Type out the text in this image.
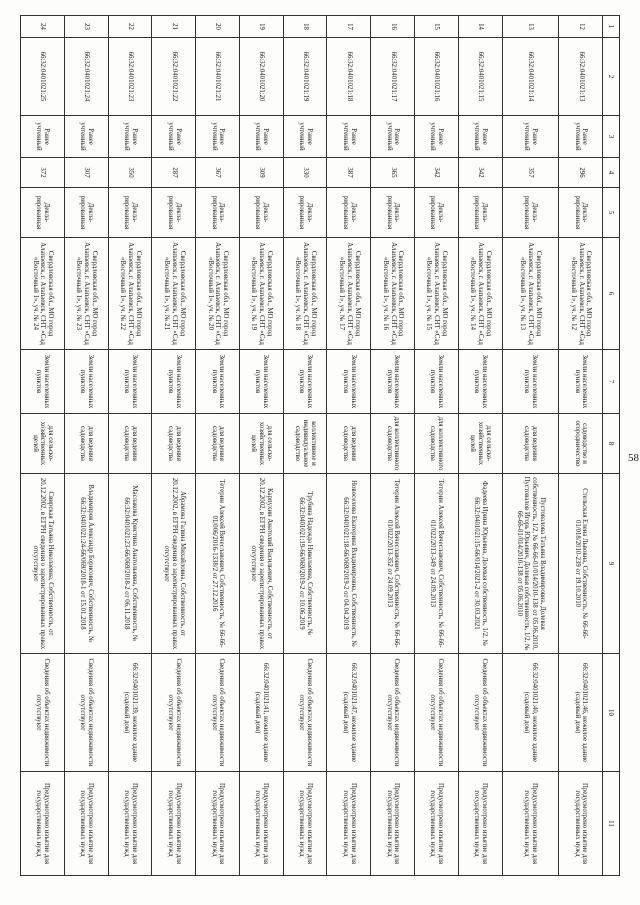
58
1	2	3	4	5	6	7	8	9	10	11
12	66:32:0401021:13	Ранее учтенный	296	Декла-рированная	Свердловская обл., МО город Алапаевск, г. Алапаевск, СНТ «Сад «Восточный 1», уч. № 12	Земли населенных пунктов	садоводство и огородничество	Стельская Елена Львовна, Собственность, № 66-66-01/018/2010-239 от 19.10.2010	66:32:0401021:46, нежилое здание (садовый дом)	Предусмотрено изъятие для государственных нужд
13	66:32:0401021:14	Ранее учтенный	357	Декла-рированная	Свердловская обл., МО город Алапаевск, г. Алапаевск, СНТ «Сад «Восточный 1», уч. № 13	Земли населенных пунктов	для ведения садоводства	Пустовалова Татьяна Владимировна, Долевая собственность, 1/2, № 66-66-01/014/2010-138 от 05.06.2010, Пустовалов Игорь Юрьевич, Долевая собственность, 1/2, № 66-66-01/014/2010-138 от 05.06.2010	66:32:0401021:40, нежилое здание (садовый дом)	Предусмотрено изъятие для государственных нужд
14	66:32:0401021:15	Ранее учтенный	342	Декла-рированная	Свердловская обл., МО город Алапаевск, г. Алапаевск, СНТ «Сад «Восточный 1», уч. № 14	Земли населенных пунктов	для сельско-хозяйственных целей	Фадеева Ирина Юрьевна, Долевая собственность, 1/2, № 66:32:0401021:15-66/014/2021-2 от 30.03.2021	Сведения об объектах недвижимости отсутствуют	Предусмотрено изъятие для государственных нужд
15	66:32:0401021:16	Ранее учтенный	342	Декла-рированная	Свердловская обл., МО город Алапаевск, г. Алапаевск, СНТ «Сад «Восточный 1», уч. № 15	Земли населенных пунктов	для коллективного садоводства	Тетерин Алексей Вячеславович, Собственность, № 66-66-01/022/2013-349 от 24.09.2013	Сведения об объектах недвижимости отсутствуют	Предусмотрено изъятие для государственных нужд
16	66:32:0401021:17	Ранее учтенный	365	Декла-рированная	Свердловская обл., МО город Алапаевск, г. Алапаевск, СНТ «Сад «Восточный 1», уч. № 16	Земли населенных пунктов	для коллективного садоводства	Тетерин Алексей Вячеславович, Собственность, № 66-66-01/022/2013-352 от 24.09.2013	Сведения об объектах недвижимости отсутствуют	Предусмотрено изъятие для государственных нужд
17	66:32:0401021:18	Ранее учтенный	387	Декла-рированная	Свердловская обл., МО город Алапаевск, г. Алапаевск, СНТ «Сад «Восточный 1», уч. № 17	Земли населенных пунктов	для ведения садоводства	Новоселова Екатерина Владимировна, Собственность, № 66:32:0401021:18-66/069/2019-2 от 04.04.2019	66:32:0401021:47, нежилое здание (садовый дом)	Предусмотрено изъятие для государственных нужд
18	66:32:0401021:19	Ранее учтенный	330	Декла-рированная	Свердловская обл., МО город Алапаевск, г. Алапаевск, СНТ «Сад «Восточный 1», уч. № 18	Земли населенных пунктов	коллективное и индивидуальное садоводство	Трубина Надежда Николаевна, Собственность, № 66:32:0401021:19-66/069/2019-2 от 10.06.2019	Сведения об объектах недвижимости отсутствуют	Предусмотрено изъятие для государственных нужд
19	66:32:0401021:20	Ранее учтенный	309	Декла-рированная	Свердловская обл., МО город Алапаевск, г. Алапаевск, СНТ «Сад «Восточный 1», уч. № 19	Земли населенных пунктов	для сельско-хозяйственных целей	Карпухин Анатолий Васильевич, Собственность, от 20.12.2002, в ЕГРН сведения о зарегистрированных правах отсутствуют	66:32:0401021:41, нежилое здание (садовый дом)	Предусмотрено изъятие для государственных нужд
20	66:32:0401021:21	Ранее учтенный	367	Декла-рированная	Свердловская обл., МО город Алапаевск, г. Алапаевск, СНТ «Сад «Восточный 1», уч. № 20	Земли населенных пунктов	для ведения садоводства	Тетерин Алексей Вячеславович, Собственность, № 66-66-01/006/2016-1338/2 от 27.12.2016	Сведения об объектах недвижимости отсутствуют	Предусмотрено изъятие для государственных нужд
21	66:32:0401021:22	Ранее учтенный	287	Декла-рированная	Свердловская обл., МО город Алапаевск, г. Алапаевск, СНТ «Сад «Восточный 1», уч. № 21	Земли населенных пунктов	для ведения садоводства	Абрамова Галина Михайловна, Собственность, от 20.12.2002, в ЕГРН сведения о зарегистрированных правах отсутствуют	Сведения об объектах недвижимости отсутствуют	Предусмотрено изъятие для государственных нужд
22	66:32:0401021:23	Ранее учтенный	350	Декла-рированная	Свердловская обл., МО город Алапаевск, г. Алапаевск, СНТ «Сад «Восточный 1», уч. № 22	Земли населенных пунктов	для ведения садоводства	Маслакова Кристина Анатольевна, Собственность, № 66:32:0401021:23-66/069/2018-2 от 06.11.2018	66:32:0401021:39, нежилое здание (садовый дом)	Предусмотрено изъятие для государственных нужд
23	66:32:0401021:24	Ранее учтенный	307	Декла-рированная	Свердловская обл., МО город Алапаевск, г. Алапаевск, СНТ «Сад «Восточный 1», уч. № 23	Земли населенных пунктов	для ведения садоводства	Владимиров Александр Борисович, Собственность, № 66:32:0401021:24-66/069/2018-1 от 15.01.2018	Сведения об объектах недвижимости отсутствуют	Предусмотрено изъятие для государственных нужд
24	66:32:0401021:25	Ранее учтенный	372	Декла-рированная	Свердловская обл., МО город Алапаевск, г. Алапаевск, СНТ «Сад «Восточный 1», уч. № 24	Земли населенных пунктов	для сельско-хозяйственных целей	Свирская Татьяна Николаевна, Собственность, от 20.12.2002, в ЕГРН сведения о зарегистрированных правах отсутствуют	Сведения об объектах недвижимости отсутствуют	Предусмотрено изъятие для государственных нужд
